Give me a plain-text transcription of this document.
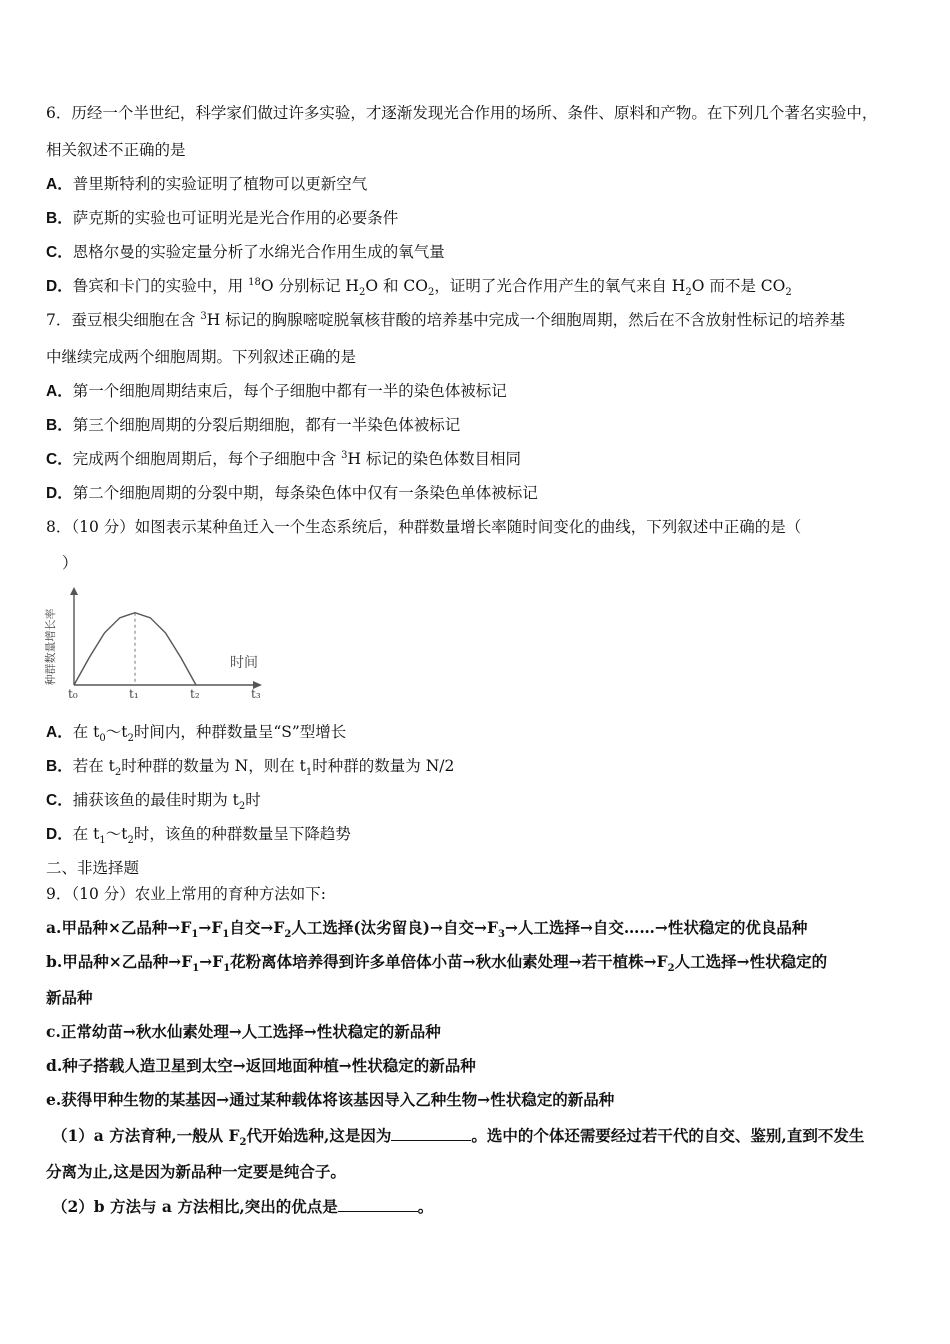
6．历经一个半世纪，科学家们做过许多实验，才逐渐发现光合作用的场所、条件、原料和产物。在下列几个著名实验中，
相关叙述不正确的是
A．普里斯特利的实验证明了植物可以更新空气
B．萨克斯的实验也可证明光是光合作用的必要条件
C．恩格尔曼的实验定量分析了水绵光合作用生成的氧气量
D．鲁宾和卡门的实验中，用 $^{18}$O 分别标记 $H_2O$ 和 $CO_2$，证明了光合作用产生的氧气来自 $H_2O$ 而不是 $CO_2$
7．蚕豆根尖细胞在含 $^3$H 标记的胸腺嘧啶脱氧核苷酸的培养基中完成一个细胞周期，然后在不含放射性标记的培养基
中继续完成两个细胞周期。下列叙述正确的是
A．第一个细胞周期结束后，每个子细胞中都有一半的染色体被标记
B．第三个细胞周期的分裂后期细胞，都有一半染色体被标记
C．完成两个细胞周期后，每个子细胞中含 $^3$H 标记的染色体数目相同
D．第二个细胞周期的分裂中期，每条染色体中仅有一条染色单体被标记
8．（10 分）如图表示某种鱼迁入一个生态系统后，种群数量增长率随时间变化的曲线，下列叙述中正确的是（
）
种群数量增长率	时间
t₀	t₁	t₂	t₃
A．在 $t_0\sim t_2$时间内，种群数量呈“S”型增长
B．若在 $t_2$时种群的数量为 N，则在 $t_1$时种群的数量为 N/2
C．捕获该鱼的最佳时期为 $t_2$时
D．在 $t_1\sim t_2$时，该鱼的种群数量呈下降趋势
二、非选择题
9．（10 分）农业上常用的育种方法如下:
a.甲品种×乙品种$\to F_1\to F_1$自交$\to F_2$人工选择(汰劣留良)→自交$\to F_3\to$人工选择→自交……→性状稳定的优良品种
b.甲品种×乙品种$\to F_1\to F_1$花粉离体培养得到许多单倍体小苗→秋水仙素处理→若干植株$\to F_2$人工选择→性状稳定的
新品种
c.正常幼苗→秋水仙素处理→人工选择→性状稳定的新品种
d.种子搭载人造卫星到太空→返回地面种植→性状稳定的新品种
e.获得甲种生物的某基因→通过某种载体将该基因导入乙种生物→性状稳定的新品种
（1）a 方法育种,一般从 $F_2$代开始选种,这是因为	。选中的个体还需要经过若干代的自交、鉴别,直到不发生
分离为止,这是因为新品种一定要是纯合子。
（2）b 方法与 a 方法相比,突出的优点是	。
